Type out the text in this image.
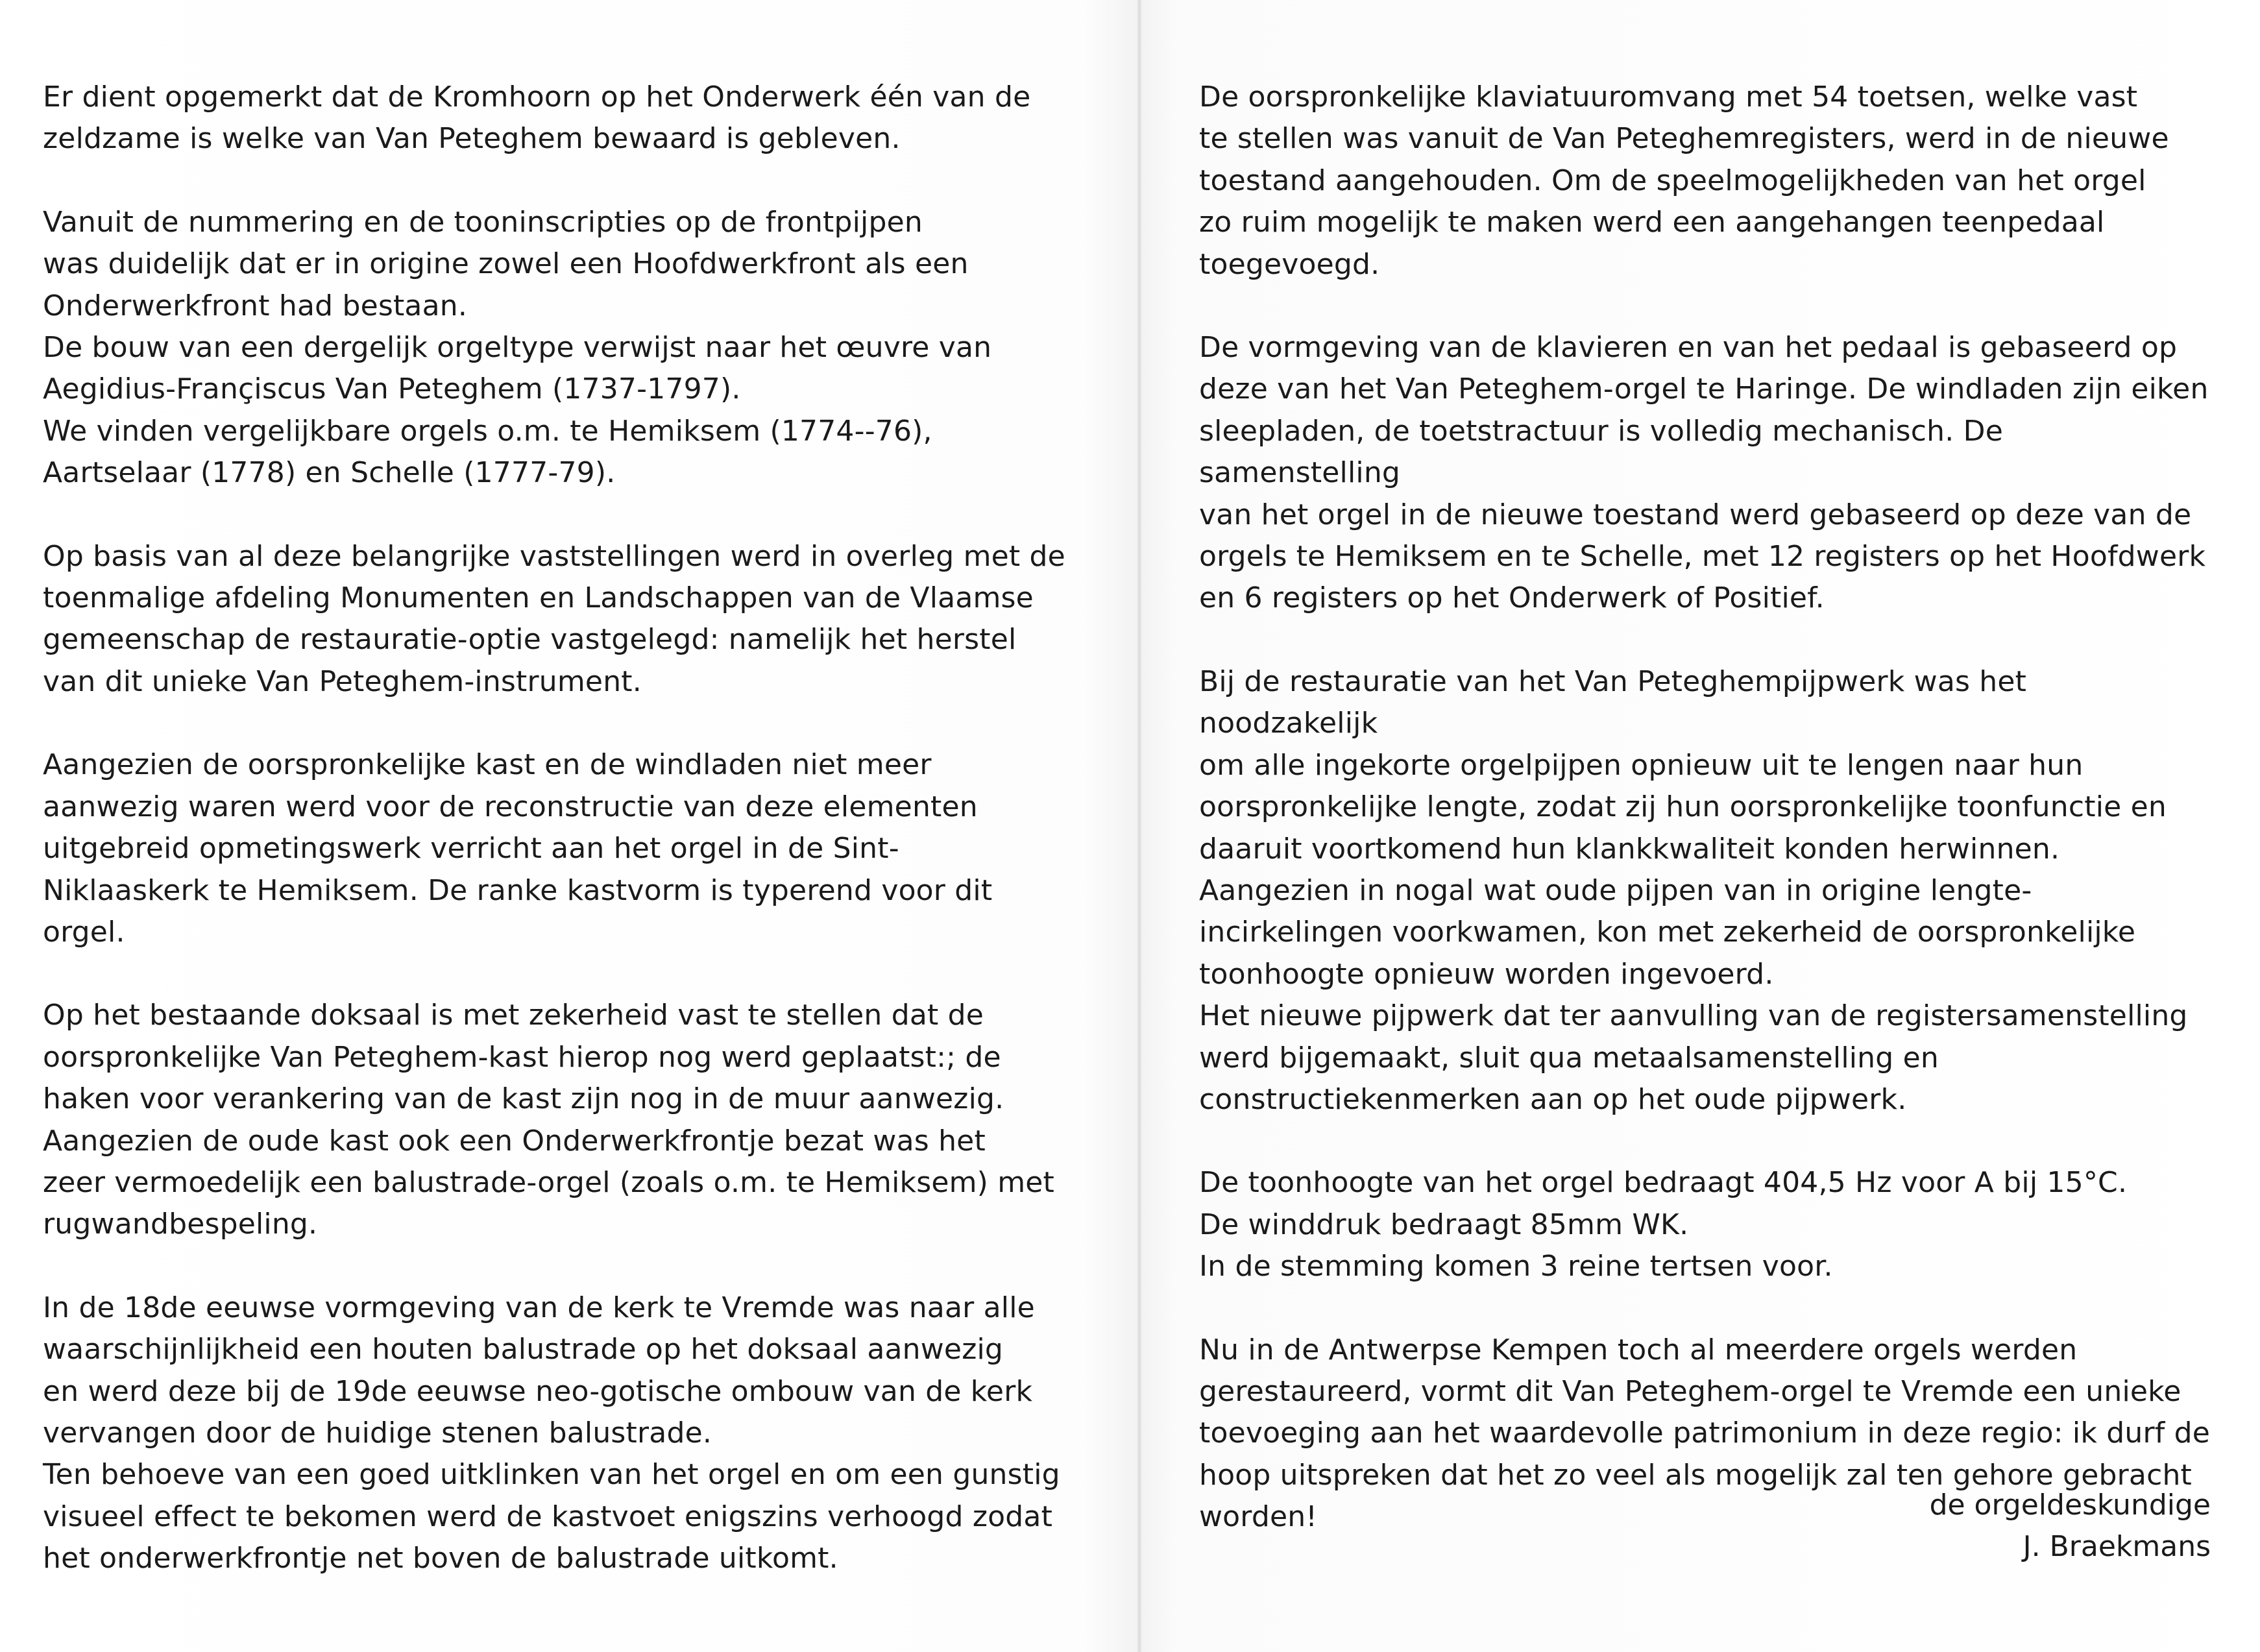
Er dient opgemerkt dat de Kromhoorn op het Onderwerk één van de
zeldzame is welke van Van Peteghem bewaard is gebleven.

Vanuit de nummering en de tooninscripties op de frontpijpen
was duidelijk dat er in origine zowel een Hoofdwerkfront als een
Onderwerkfront had bestaan.
De bouw van een dergelijk orgeltype verwijst naar het œuvre van
Aegidius-Françiscus Van Peteghem (1737-1797).
We vinden vergelijkbare orgels o.m. te Hemiksem (1774--76),
Aartselaar (1778) en Schelle (1777-79).

Op basis van al deze belangrijke vaststellingen werd in overleg met de
toenmalige afdeling Monumenten en Landschappen van de Vlaamse
gemeenschap de restauratie-optie vastgelegd: namelijk het herstel
van dit unieke Van Peteghem-instrument.

Aangezien de oorspronkelijke kast en de windladen niet meer
aanwezig waren werd voor de reconstructie van deze elementen
uitgebreid opmetingswerk verricht aan het orgel in de Sint-
Niklaaskerk te Hemiksem. De ranke kastvorm is typerend voor dit
orgel.

Op het bestaande doksaal is met zekerheid vast te stellen dat de
oorspronkelijke Van Peteghem-kast hierop nog werd geplaatst:; de
haken voor verankering van de kast zijn nog in de muur aanwezig.
Aangezien de oude kast ook een Onderwerkfrontje bezat was het
zeer vermoedelijk een balustrade-orgel (zoals o.m. te Hemiksem) met
rugwandbespeling.

In de 18de eeuwse vormgeving van de kerk te Vremde was naar alle
waarschijnlijkheid een houten balustrade op het doksaal aanwezig
en werd deze bij de 19de eeuwse neo-gotische ombouw van de kerk
vervangen door de huidige stenen balustrade.
Ten behoeve van een goed uitklinken van het orgel en om een gunstig
visueel effect te bekomen werd de kastvoet enigszins verhoogd zodat
het onderwerkfrontje net boven de balustrade uitkomt.

De oorspronkelijke klaviatuuromvang met 54 toetsen, welke vast
te stellen was vanuit de Van Peteghemregisters, werd in de nieuwe
toestand aangehouden. Om de speelmogelijkheden van het orgel
zo ruim mogelijk te maken werd een aangehangen teenpedaal
toegevoegd.

De vormgeving van de klavieren en van het pedaal is gebaseerd op
deze van het Van Peteghem-orgel te Haringe. De windladen zijn eiken
sleepladen, de toetstractuur is volledig mechanisch. De samenstelling
van het orgel in de nieuwe toestand werd gebaseerd op deze van de
orgels te Hemiksem en te Schelle, met 12 registers op het Hoofdwerk
en 6 registers op het Onderwerk of Positief.

Bij de restauratie van het Van Peteghempijpwerk was het noodzakelijk
om alle ingekorte orgelpijpen opnieuw uit te lengen naar hun
oorspronkelijke lengte, zodat zij hun oorspronkelijke toonfunctie en
daaruit voortkomend hun klankkwaliteit konden herwinnen.
Aangezien in nogal wat oude pijpen van in origine lengte-
incirkelingen voorkwamen, kon met zekerheid de oorspronkelijke
toonhoogte opnieuw worden ingevoerd.
Het nieuwe pijpwerk dat ter aanvulling van de registersamenstelling
werd bijgemaakt, sluit qua metaalsamenstelling en
constructiekenmerken aan op het oude pijpwerk.

De toonhoogte van het orgel bedraagt 404,5 Hz voor A bij 15°C.
De winddruk bedraagt 85mm WK.
In de stemming komen 3 reine tertsen voor.

Nu in de Antwerpse Kempen toch al meerdere orgels werden
gerestaureerd, vormt dit Van Peteghem-orgel te Vremde een unieke
toevoeging aan het waardevolle patrimonium in deze regio: ik durf de
hoop uitspreken dat het zo veel als mogelijk zal ten gehore gebracht
worden!	de orgeldeskundige
J. Braekmans
